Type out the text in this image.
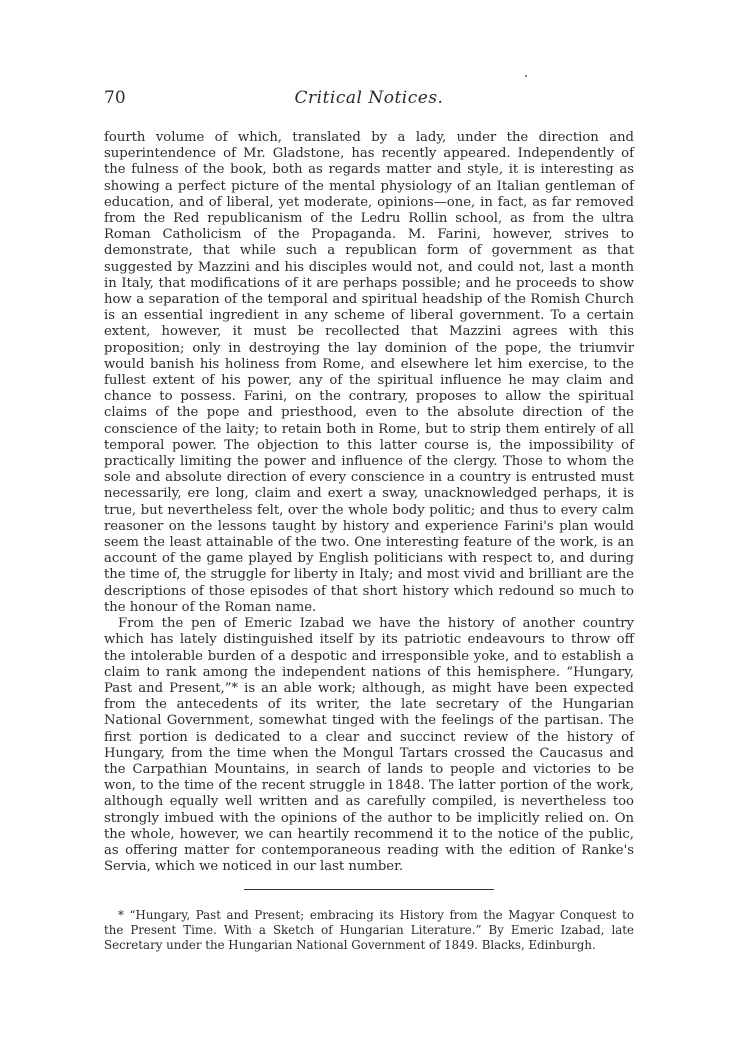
70	Critical Notices.

fourth volume of which, translated by a lady, under the direction and superintendence of Mr. Gladstone, has recently appeared. Independently of the fulness of the book, both as regards matter and style, it is interesting as showing a perfect picture of the mental physiology of an Italian gentleman of education, and of liberal, yet moderate, opinions—one, in fact, as far removed from the Red republicanism of the Ledru Rollin school, as from the ultra Roman Catholicism of the Propaganda. M. Farini, however, strives to demonstrate, that while such a republican form of government as that suggested by Mazzini and his disciples would not, and could not, last a month in Italy, that modifications of it are perhaps possible; and he proceeds to show how a separation of the temporal and spiritual headship of the Romish Church is an essential ingredient in any scheme of liberal government. To a certain extent, however, it must be recollected that Mazzini agrees with this proposition; only in destroying the lay dominion of the pope, the triumvir would banish his holiness from Rome, and elsewhere let him exercise, to the fullest extent of his power, any of the spiritual influence he may claim and chance to possess. Farini, on the contrary, proposes to allow the spiritual claims of the pope and priesthood, even to the absolute direction of the conscience of the laity; to retain both in Rome, but to strip them entirely of all temporal power. The objection to this latter course is, the impossibility of practically limiting the power and influence of the clergy. Those to whom the sole and absolute direction of every conscience in a country is entrusted must necessarily, ere long, claim and exert a sway, unacknowledged perhaps, it is true, but nevertheless felt, over the whole body politic; and thus to every calm reasoner on the lessons taught by history and experience Farini's plan would seem the least attainable of the two. One interesting feature of the work, is an account of the game played by English politicians with respect to, and during the time of, the struggle for liberty in Italy; and most vivid and brilliant are the descriptions of those episodes of that short history which redound so much to the honour of the Roman name.

From the pen of Emeric Izabad we have the history of another country which has lately distinguished itself by its patriotic endeavours to throw off the intolerable burden of a despotic and irresponsible yoke, and to establish a claim to rank among the independent nations of this hemisphere. “Hungary, Past and Present,”* is an able work; although, as might have been expected from the antecedents of its writer, the late secretary of the Hungarian National Government, somewhat tinged with the feelings of the partisan. The first portion is dedicated to a clear and succinct review of the history of Hungary, from the time when the Mongul Tartars crossed the Caucasus and the Carpathian Mountains, in search of lands to people and victories to be won, to the time of the recent struggle in 1848. The latter portion of the work, although equally well written and as carefully compiled, is nevertheless too strongly imbued with the opinions of the author to be implicitly relied on. On the whole, however, we can heartily recommend it to the notice of the public, as offering matter for contemporaneous reading with the edition of Ranke's Servia, which we noticed in our last number.

* “Hungary, Past and Present; embracing its History from the Magyar Conquest to the Present Time. With a Sketch of Hungarian Literature.” By Emeric Izabad, late Secretary under the Hungarian National Government of 1849. Blacks, Edinburgh.
